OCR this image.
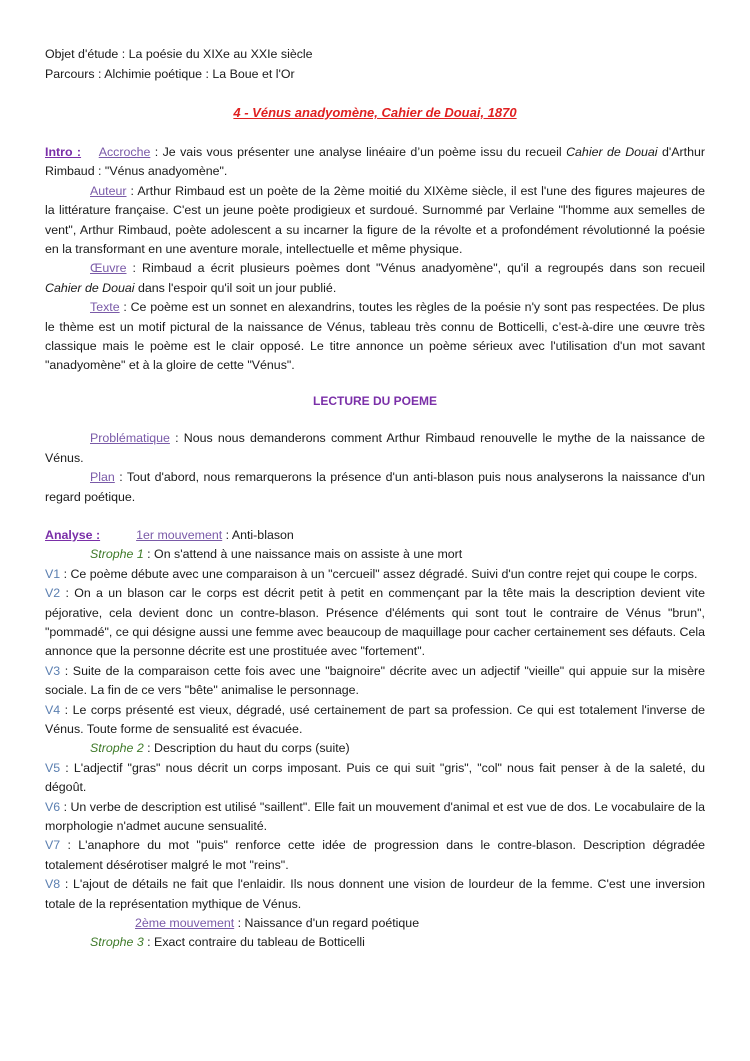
Objet d'étude : La poésie du XIXe au XXIe siècle
Parcours : Alchimie poétique : La Boue et l'Or
4 - Vénus anadyomène, Cahier de Douai, 1870

Intro : Accroche : Je vais vous présenter une analyse linéaire d’un poème issu du recueil Cahier de Douai d'Arthur Rimbaud : "Vénus anadyomène".

Auteur : Arthur Rimbaud est un poète de la 2ème moitié du XIXème siècle, il est l'une des figures majeures de la littérature française. C'est un jeune poète prodigieux et surdoué. Surnommé par Verlaine "l'homme aux semelles de vent", Arthur Rimbaud, poète adolescent a su incarner la figure de la révolte et a profondément révolutionné la poésie en la transformant en une aventure morale, intellectuelle et même physique.

Œuvre : Rimbaud a écrit plusieurs poèmes dont "Vénus anadyomène", qu'il a regroupés dans son recueil Cahier de Douai dans l'espoir qu'il soit un jour publié.

Texte : Ce poème est un sonnet en alexandrins, toutes les règles de la poésie n'y sont pas respectées. De plus le thème est un motif pictural de la naissance de Vénus, tableau très connu de Botticelli, c’est-à-dire une œuvre très classique mais le poème est le clair opposé. Le titre annonce un poème sérieux avec l'utilisation d'un mot savant "anadyomène" et à la gloire de cette "Vénus".

LECTURE DU POEME

Problématique : Nous nous demanderons comment Arthur Rimbaud renouvelle le mythe de la naissance de Vénus.

Plan : Tout d'abord, nous remarquerons la présence d'un anti-blason puis nous analyserons la naissance d'un regard poétique.

Analyse :	1er mouvement : Anti-blason

Strophe 1 : On s'attend à une naissance mais on assiste à une mort

V1 : Ce poème débute avec une comparaison à un "cercueil" assez dégradé. Suivi d'un contre rejet qui coupe le corps.

V2 : On a un blason car le corps est décrit petit à petit en commençant par la tête mais la description devient vite péjorative, cela devient donc un contre-blason. Présence d'éléments qui sont tout le contraire de Vénus "brun", "pommadé", ce qui désigne aussi une femme avec beaucoup de maquillage pour cacher certainement ses défauts. Cela annonce que la personne décrite est une prostituée avec "fortement".

V3 : Suite de la comparaison cette fois avec une "baignoire" décrite avec un adjectif "vieille" qui appuie sur la misère sociale. La fin de ce vers "bête" animalise le personnage.

V4 : Le corps présenté est vieux, dégradé, usé certainement de part sa profession. Ce qui est totalement l'inverse de Vénus. Toute forme de sensualité est évacuée.

Strophe 2 : Description du haut du corps (suite)

V5 : L'adjectif "gras" nous décrit un corps imposant. Puis ce qui suit "gris", "col" nous fait penser à de la saleté, du dégoût.

V6 : Un verbe de description est utilisé "saillent". Elle fait un mouvement d'animal et est vue de dos. Le vocabulaire de la morphologie n'admet aucune sensualité.

V7 : L'anaphore du mot "puis" renforce cette idée de progression dans le contre-blason. Description dégradée totalement désérotiser malgré le mot "reins".

V8 : L'ajout de détails ne fait que l'enlaidir. Ils nous donnent une vision de lourdeur de la femme. C'est une inversion totale de la représentation mythique de Vénus.

2ème mouvement : Naissance d'un regard poétique

Strophe 3 : Exact contraire du tableau de Botticelli
